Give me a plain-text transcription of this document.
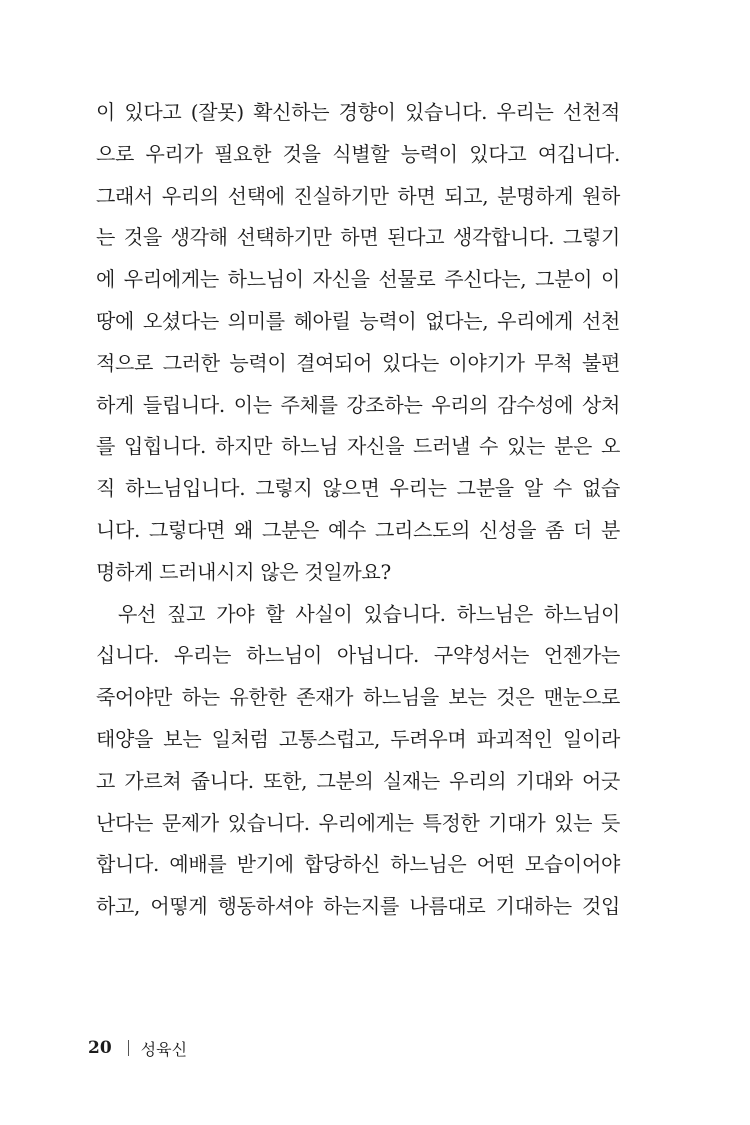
이 있다고 (잘못) 확신하는 경향이 있습니다. 우리는 선천적
으로 우리가 필요한 것을 식별할 능력이 있다고 여깁니다.
그래서 우리의 선택에 진실하기만 하면 되고, 분명하게 원하
는 것을 생각해 선택하기만 하면 된다고 생각합니다. 그렇기
에 우리에게는 하느님이 자신을 선물로 주신다는, 그분이 이
땅에 오셨다는 의미를 헤아릴 능력이 없다는, 우리에게 선천
적으로 그러한 능력이 결여되어 있다는 이야기가 무척 불편
하게 들립니다. 이는 주체를 강조하는 우리의 감수성에 상처
를 입힙니다. 하지만 하느님 자신을 드러낼 수 있는 분은 오
직 하느님입니다. 그렇지 않으면 우리는 그분을 알 수 없습
니다. 그렇다면 왜 그분은 예수 그리스도의 신성을 좀 더 분
명하게 드러내시지 않은 것일까요?
우선 짚고 가야 할 사실이 있습니다. 하느님은 하느님이
십니다. 우리는 하느님이 아닙니다. 구약성서는 언젠가는
죽어야만 하는 유한한 존재가 하느님을 보는 것은 맨눈으로
태양을 보는 일처럼 고통스럽고, 두려우며 파괴적인 일이라
고 가르쳐 줍니다. 또한, 그분의 실재는 우리의 기대와 어긋
난다는 문제가 있습니다. 우리에게는 특정한 기대가 있는 듯
합니다. 예배를 받기에 합당하신 하느님은 어떤 모습이어야
하고, 어떻게 행동하셔야 하는지를 나름대로 기대하는 것입
20 성육신
